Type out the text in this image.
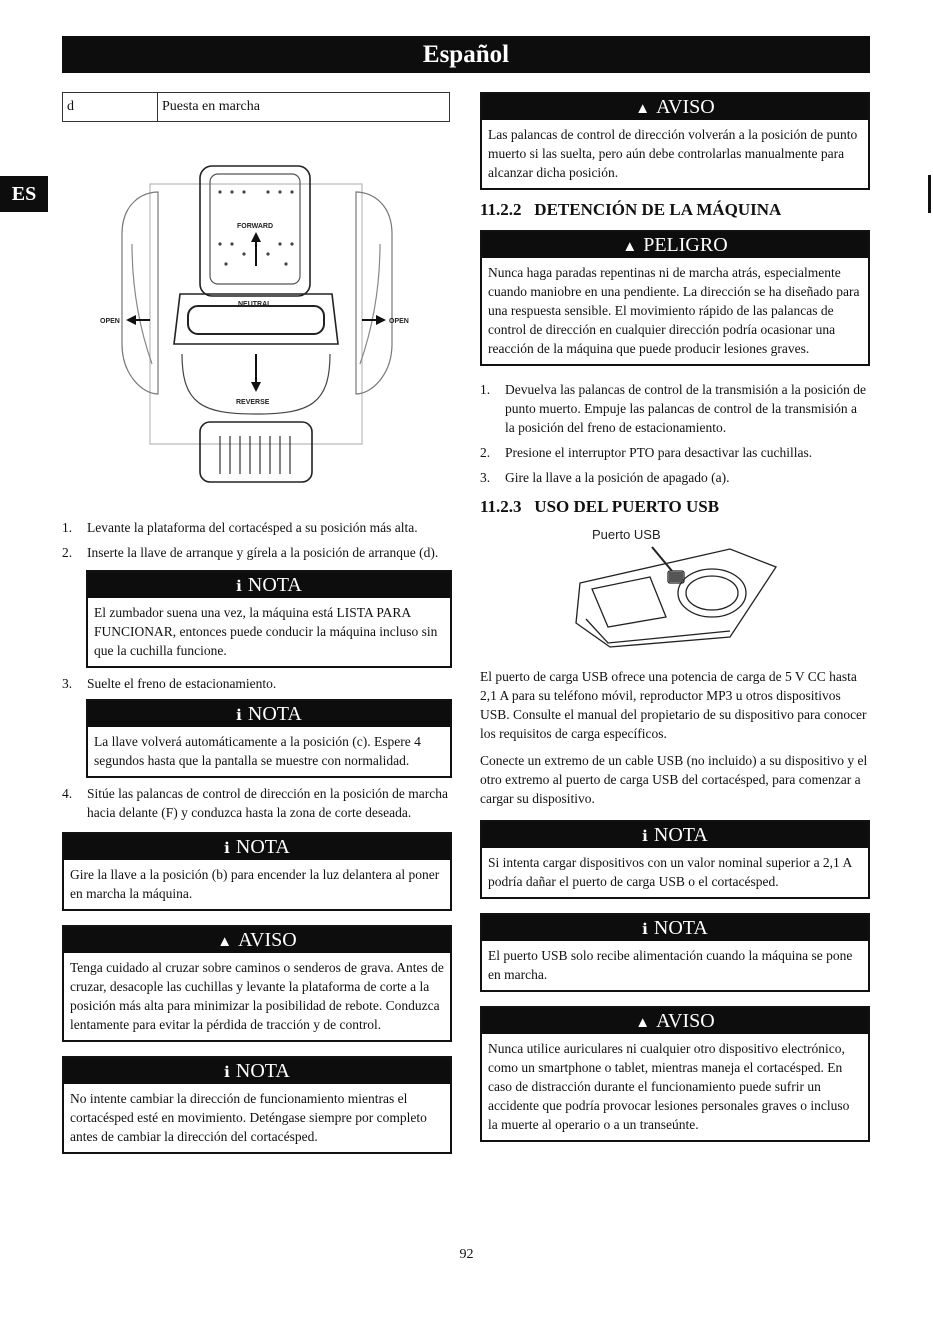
Español
ES
d	Puesta en marcha
FORWARD
NEUTRAL
REVERSE
OPEN	OPEN
1. Levante la plataforma del cortacésped a su posición más alta.
2. Inserte la llave de arranque y gírela a la posición de arranque (d).
ℹ NOTA
El zumbador suena una vez, la máquina está LISTA PARA FUNCIONAR, entonces puede conducir la máquina incluso sin que la cuchilla funcione.
3. Suelte el freno de estacionamiento.
ℹ NOTA
La llave volverá automáticamente a la posición (c). Espere 4 segundos hasta que la pantalla se muestre con normalidad.
4. Sitúe las palancas de control de dirección en la posición de marcha hacia delante (F) y conduzca hasta la zona de corte deseada.
ℹ NOTA
Gire la llave a la posición (b) para encender la luz delantera al poner en marcha la máquina.
▲ AVISO
Tenga cuidado al cruzar sobre caminos o senderos de grava. Antes de cruzar, desacople las cuchillas y levante la plataforma de corte a la posición más alta para minimizar la posibilidad de rebote. Conduzca lentamente para evitar la pérdida de tracción y de control.
ℹ NOTA
No intente cambiar la dirección de funcionamiento mientras el cortacésped esté en movimiento. Deténgase siempre por completo antes de cambiar la dirección del cortacésped.
▲ AVISO
Las palancas de control de dirección volverán a la posición de punto muerto si las suelta, pero aún debe controlarlas manualmente para alcanzar dicha posición.
11.2.2   DETENCIÓN DE LA MÁQUINA
▲ PELIGRO
Nunca haga paradas repentinas ni de marcha atrás, especialmente cuando maniobre en una pendiente. La dirección se ha diseñado para una respuesta sensible. El movimiento rápido de las palancas de control de dirección en cualquier dirección podría ocasionar una reacción de la máquina que puede producir lesiones graves.
1. Devuelva las palancas de control de la transmisión a la posición de punto muerto. Empuje las palancas de control de la transmisión a la posición del freno de estacionamiento.
2. Presione el interruptor PTO para desactivar las cuchillas.
3. Gire la llave a la posición de apagado (a).
11.2.3   USO DEL PUERTO USB
Puerto USB

El puerto de carga USB ofrece una potencia de carga de 5 V CC hasta 2,1 A para su teléfono móvil, reproductor MP3 u otros dispositivos USB. Consulte el manual del propietario de su dispositivo para conocer los requisitos de carga específicos.

Conecte un extremo de un cable USB (no incluido) a su dispositivo y el otro extremo al puerto de carga USB del cortacésped, para comenzar a cargar su dispositivo.

ℹ NOTA
Si intenta cargar dispositivos con un valor nominal superior a 2,1 A podría dañar el puerto de carga USB o el cortacésped.
ℹ NOTA
El puerto USB solo recibe alimentación cuando la máquina se pone en marcha.
▲ AVISO
Nunca utilice auriculares ni cualquier otro dispositivo electrónico, como un smartphone o tablet, mientras maneja el cortacésped. En caso de distracción durante el funcionamiento puede sufrir un accidente que podría provocar lesiones personales graves o incluso la muerte al operario o a un transeúnte.
92
